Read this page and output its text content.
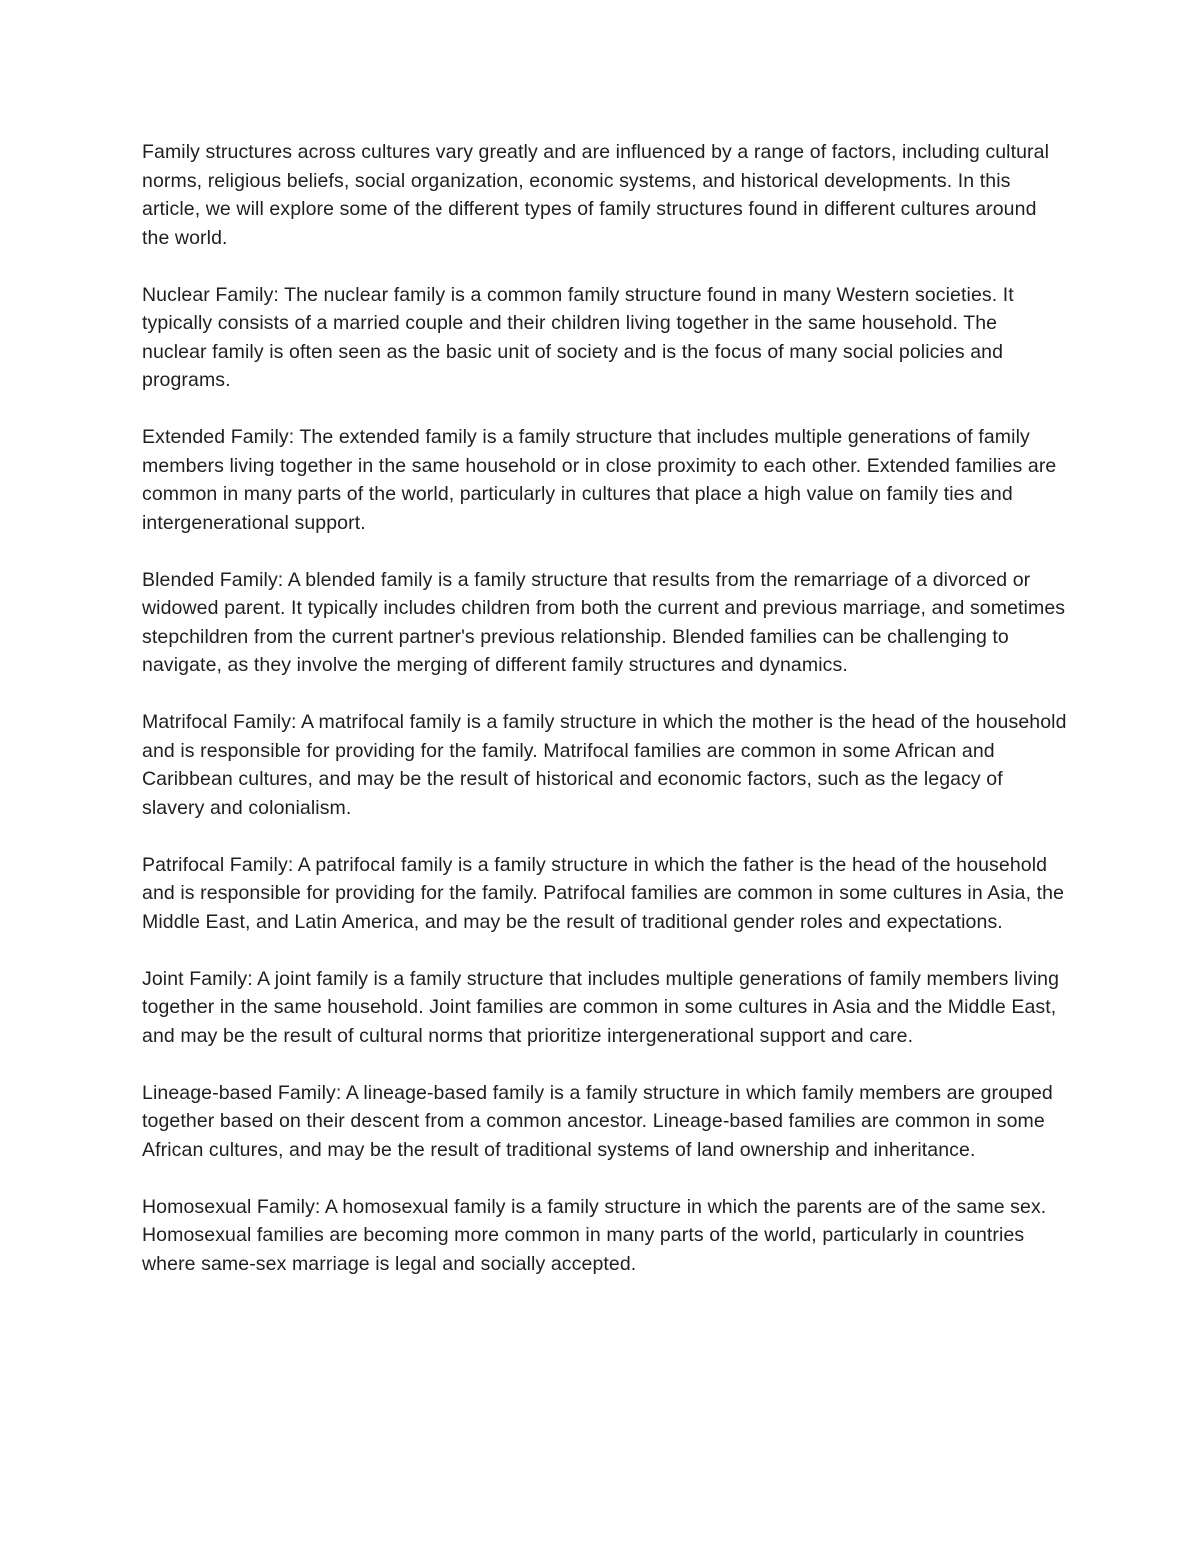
Family structures across cultures vary greatly and are influenced by a range of factors, including cultural norms, religious beliefs, social organization, economic systems, and historical developments. In this article, we will explore some of the different types of family structures found in different cultures around the world.

Nuclear Family: The nuclear family is a common family structure found in many Western societies. It typically consists of a married couple and their children living together in the same household. The nuclear family is often seen as the basic unit of society and is the focus of many social policies and programs.

Extended Family: The extended family is a family structure that includes multiple generations of family members living together in the same household or in close proximity to each other. Extended families are common in many parts of the world, particularly in cultures that place a high value on family ties and intergenerational support.

Blended Family: A blended family is a family structure that results from the remarriage of a divorced or widowed parent. It typically includes children from both the current and previous marriage, and sometimes stepchildren from the current partner's previous relationship. Blended families can be challenging to navigate, as they involve the merging of different family structures and dynamics.

Matrifocal Family: A matrifocal family is a family structure in which the mother is the head of the household and is responsible for providing for the family. Matrifocal families are common in some African and Caribbean cultures, and may be the result of historical and economic factors, such as the legacy of slavery and colonialism.

Patrifocal Family: A patrifocal family is a family structure in which the father is the head of the household and is responsible for providing for the family. Patrifocal families are common in some cultures in Asia, the Middle East, and Latin America, and may be the result of traditional gender roles and expectations.

Joint Family: A joint family is a family structure that includes multiple generations of family members living together in the same household. Joint families are common in some cultures in Asia and the Middle East, and may be the result of cultural norms that prioritize intergenerational support and care.

Lineage-based Family: A lineage-based family is a family structure in which family members are grouped together based on their descent from a common ancestor. Lineage-based families are common in some African cultures, and may be the result of traditional systems of land ownership and inheritance.

Homosexual Family: A homosexual family is a family structure in which the parents are of the same sex. Homosexual families are becoming more common in many parts of the world, particularly in countries where same-sex marriage is legal and socially accepted.
